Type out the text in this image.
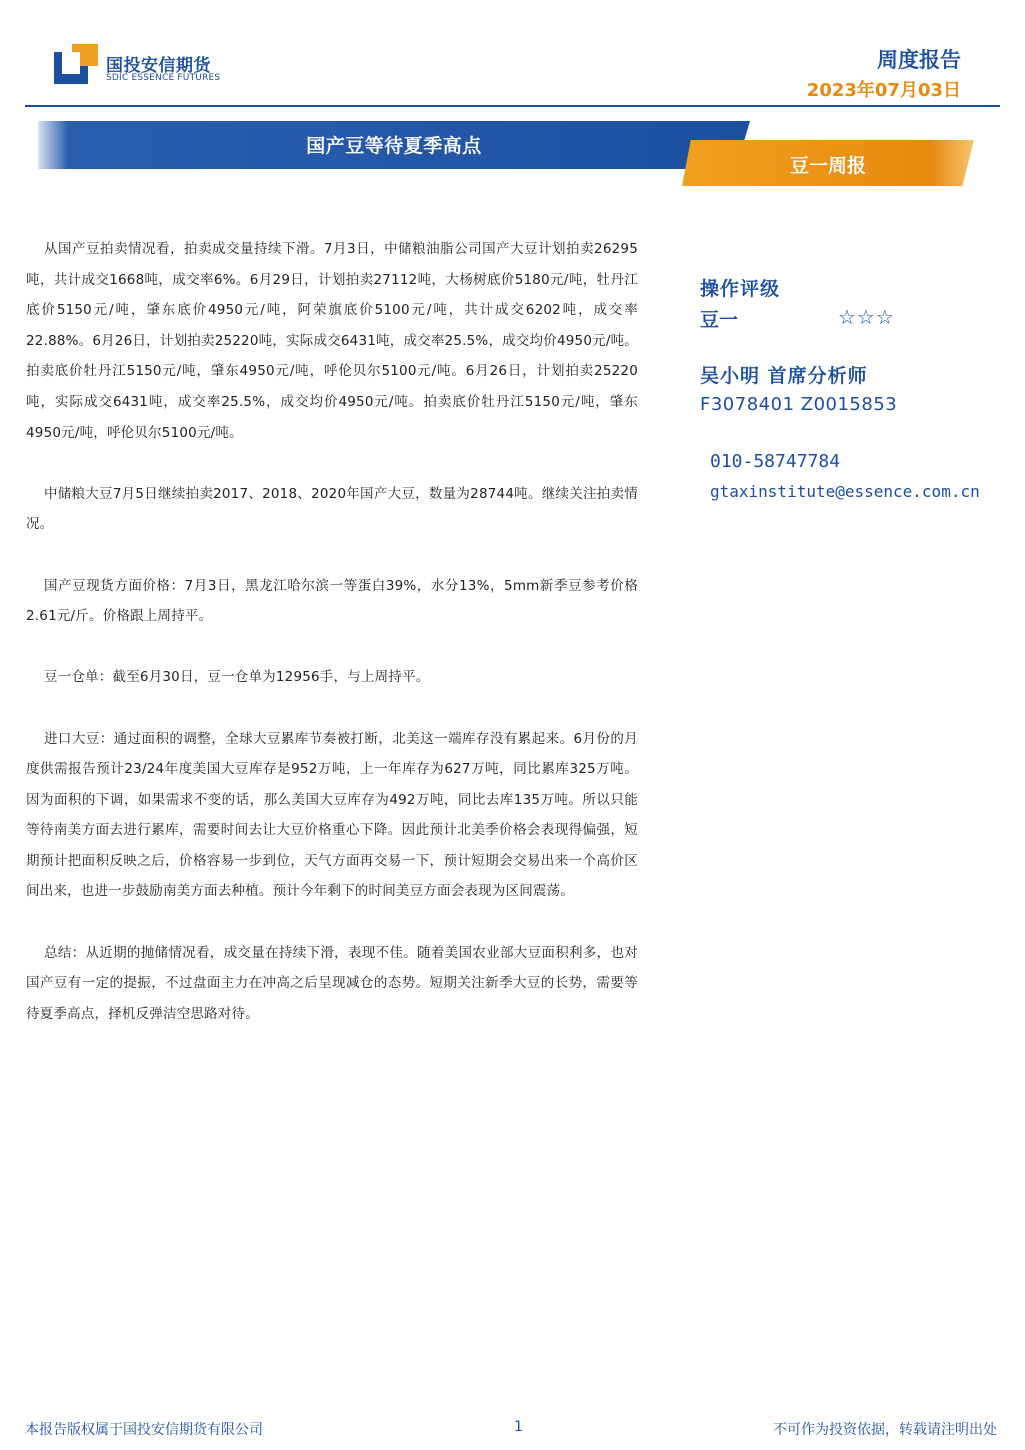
国投安信期货
SDIC ESSENCE FUTURES
周度报告
2023年07月03日
国产豆等待夏季高点
豆一周报

从国产豆拍卖情况看，拍卖成交量持续下滑。7月3日，中储粮油脂公司国产大豆计划拍卖26295吨，共计成交1668吨，成交率6%。6月29日，计划拍卖27112吨，大杨树底价5180元/吨，牡丹江底价5150元/吨，肇东底价4950元/吨，阿荣旗底价5100元/吨，共计成交6202吨，成交率22.88%。6月26日，计划拍卖25220吨，实际成交6431吨，成交率25.5%，成交均价4950元/吨。拍卖底价牡丹江5150元/吨，肇东4950元/吨，呼伦贝尔5100元/吨。6月26日，计划拍卖25220吨，实际成交6431吨，成交率25.5%，成交均价4950元/吨。拍卖底价牡丹江5150元/吨，肇东4950元/吨，呼伦贝尔5100元/吨。

中储粮大豆7月5日继续拍卖2017、2018、2020年国产大豆，数量为28744吨。继续关注拍卖情况。

国产豆现货方面价格：7月3日，黑龙江哈尔滨一等蛋白39%，水分13%，5mm新季豆参考价格2.61元/斤。价格跟上周持平。

豆一仓单：截至6月30日，豆一仓单为12956手，与上周持平。

进口大豆：通过面积的调整，全球大豆累库节奏被打断，北美这一端库存没有累起来。6月份的月度供需报告预计23/24年度美国大豆库存是952万吨，上一年库存为627万吨，同比累库325万吨。因为面积的下调，如果需求不变的话，那么美国大豆库存为492万吨，同比去库135万吨。所以只能等待南美方面去进行累库，需要时间去让大豆价格重心下降。因此预计北美季价格会表现得偏强，短期预计把面积反映之后，价格容易一步到位，天气方面再交易一下，预计短期会交易出来一个高价区间出来，也进一步鼓励南美方面去种植。预计今年剩下的时间美豆方面会表现为区间震荡。

总结：从近期的抛储情况看，成交量在持续下滑，表现不佳。随着美国农业部大豆面积利多，也对国产豆有一定的提振，不过盘面主力在冲高之后呈现减仓的态势。短期关注新季大豆的长势，需要等待夏季高点，择机反弹洁空思路对待。

操作评级
豆一	☆☆☆
吴小明 首席分析师
F3078401 Z0015853
010-58747784
gtaxinstitute@essence.com.cn
本报告版权属于国投安信期货有限公司	1	不可作为投资依据，转载请注明出处
